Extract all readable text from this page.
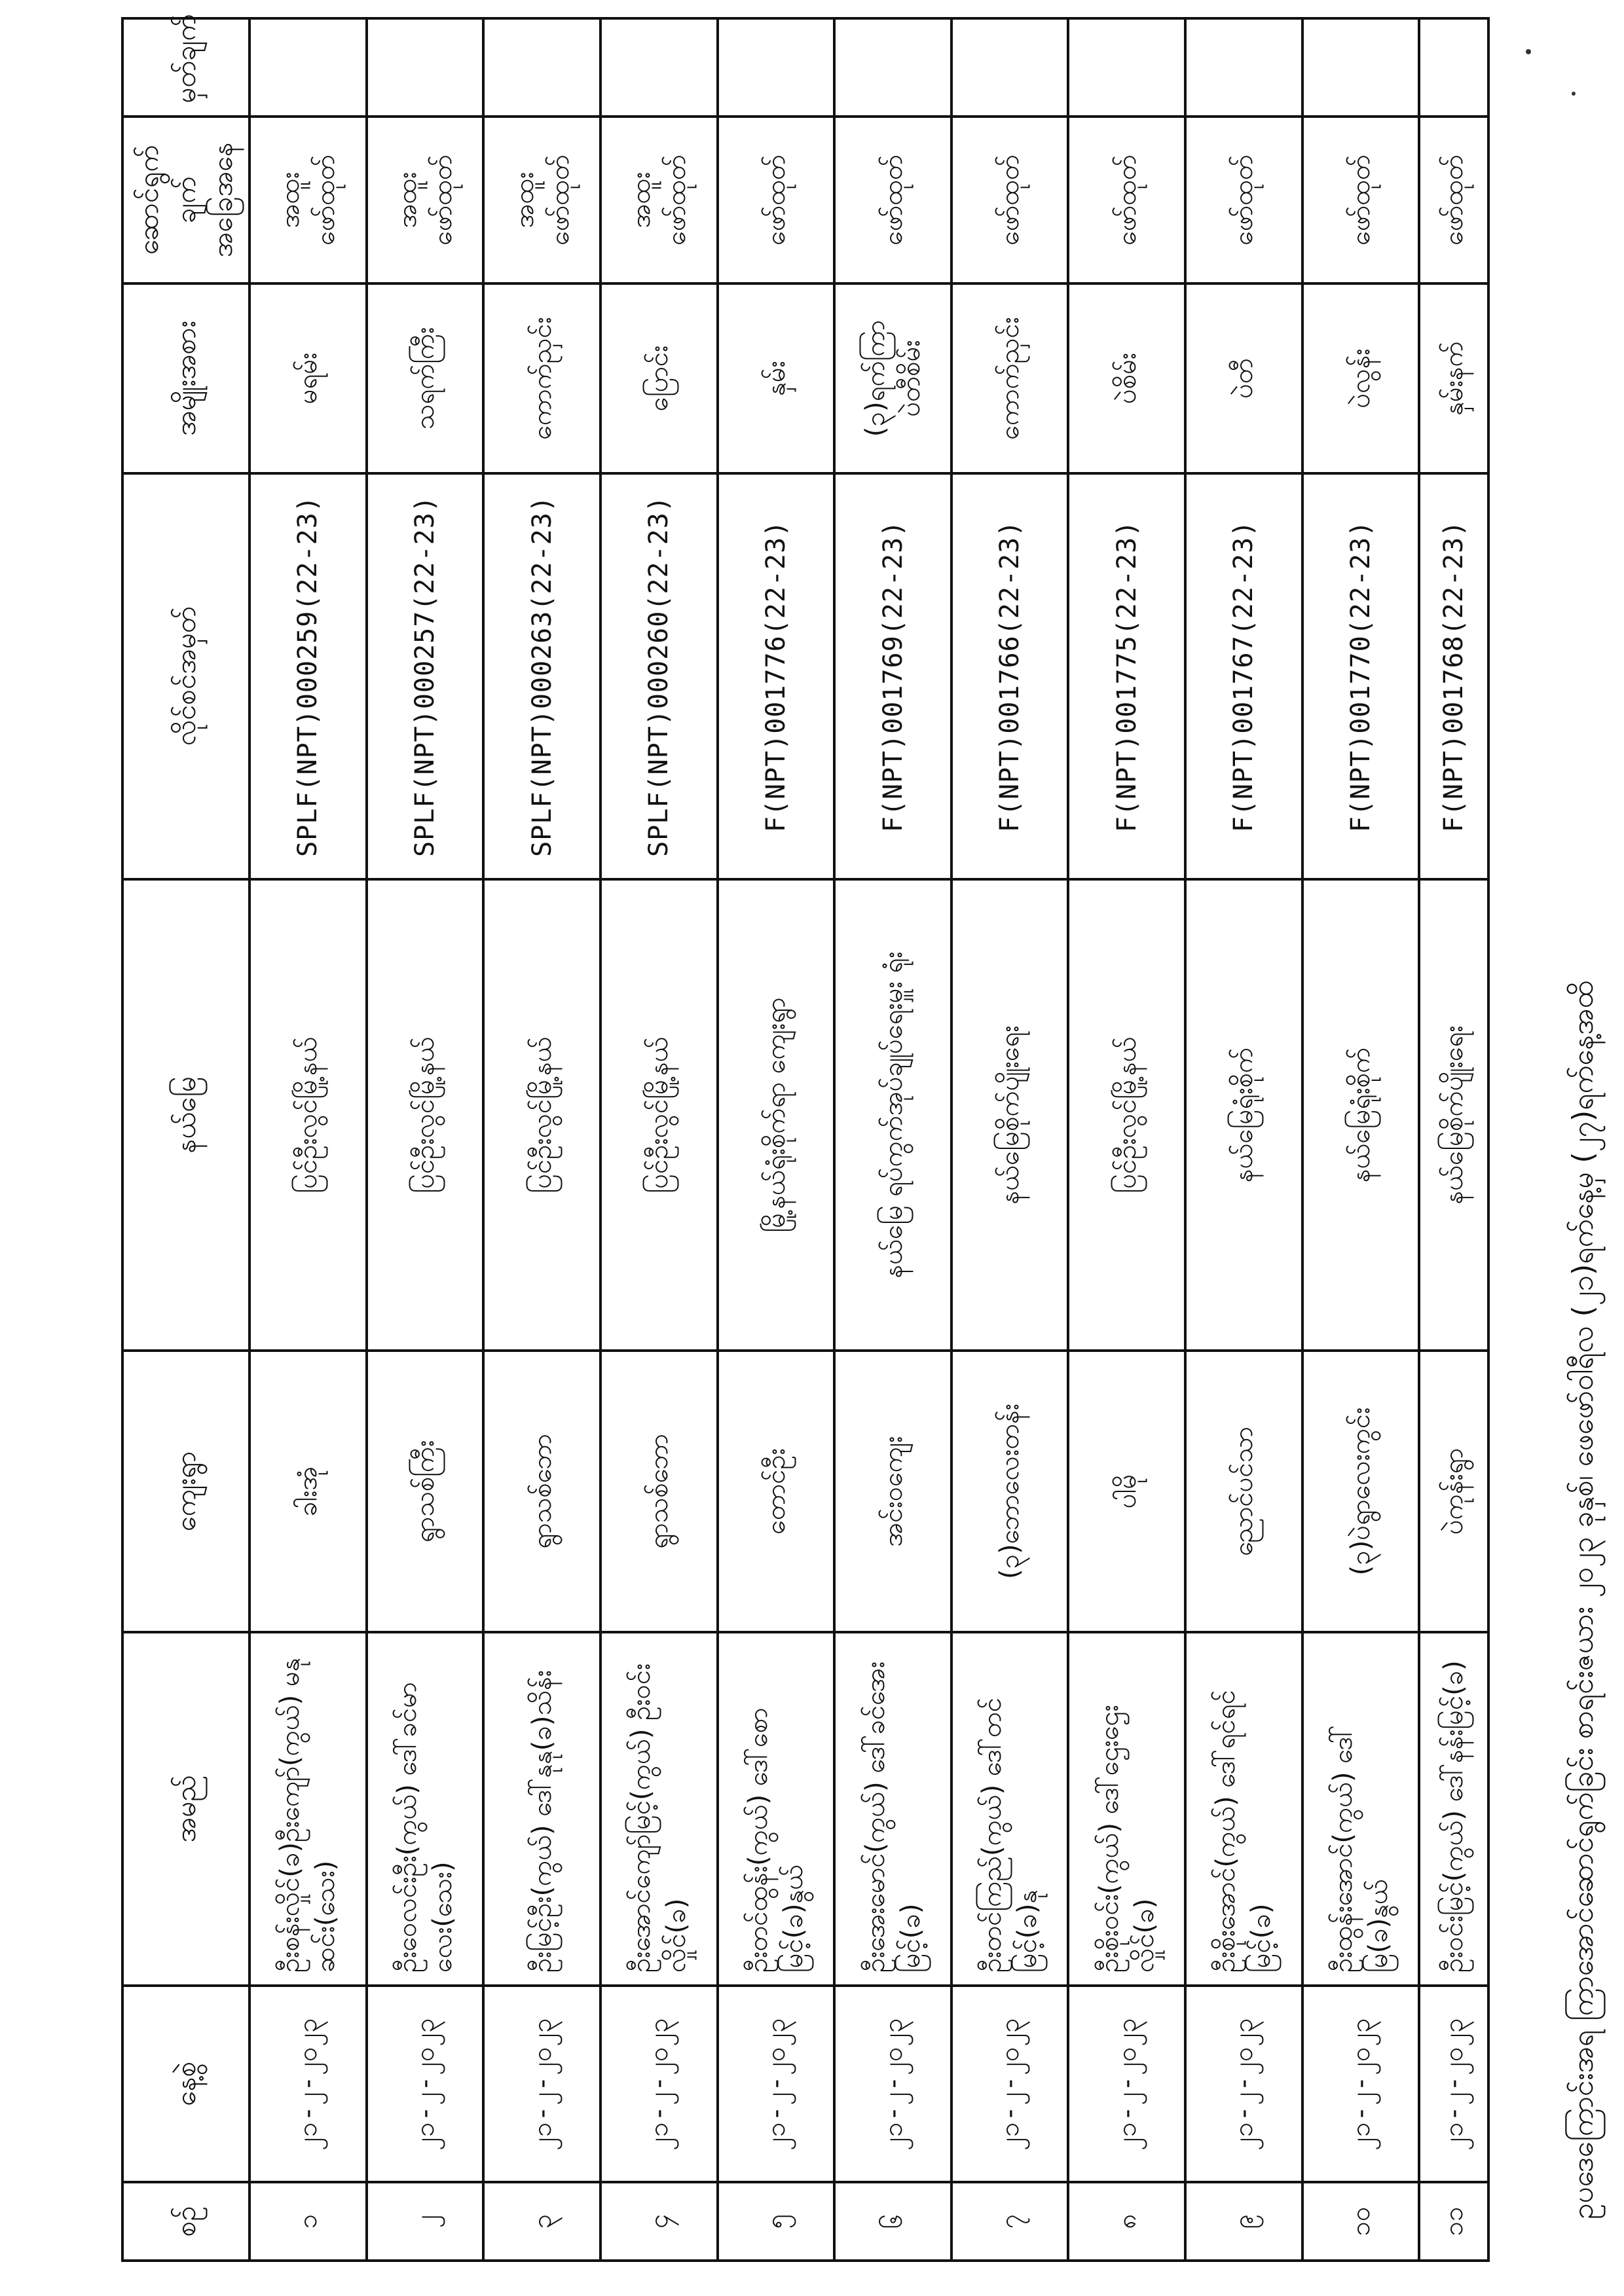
ဥပဒေကြောင်းအရ ကြာအောင်ဆောင်ရွက်ခြင်း စာရင်းဇယား ၂၀၂၃ ခုနှစ်၊ ဖေဖော်ဝါရီလ (၂၁)ရက်နေ့မှ (၂၇)ရက်နေ့အထိ
စဉ်	နေ့စွဲ	အမည်	ကျေးရွာ	နယ်မြေ	လိုင်စင်အမှတ်	အမျိုးအစား	ဆောင်ရွက်ချက် အခြေအနေ	မှတ်ချက်
၁	၂၁-၂-၂၀၂၃	ဦးစန်းလှိုင်(ခ)ဦးကျော်(ကွယ်) မနုဆင်း(သေး)	ခါးအုံ	ပြင်ဦးလွင်မြို့နယ်	SPLF(NPT)000259(22-23)	မရမ်း	အထူး ဖော်ထုတ်	
၂	၂၁-၂-၂၀၂၃	ဦးဝေလင်းဦး(ကွယ်) ဒေါ်ခင်မာလေး(သေး)	ရွာသစ်ကြီး	ပြင်ဦးလွင်မြို့နယ်	SPLF(NPT)000257(22-23)	သရက်ကြီး	အထူး ဖော်ထုတ်	
၃	၂၁-၂-၂၀၂၃	ဦးမြင့်ဦး(ကွယ်) ဒေါ်နုနု(ခ)သိန်း	ရွာသစ်ဘော	ပြင်ဦးလွင်မြို့နယ်	SPLF(NPT)000263(22-23)	ကောက်ညှင်း	အထူး ဖော်ထုတ်	
၄	၂၁-၂-၂၀၂၃	ဦးအောင်ကျော်မြင့်(ကွယ်) ဦးဝင်းလှိုင်(ခ)	ရွာသစ်ဘော	ပြင်ဦးလွင်မြို့နယ်	SPLF(NPT)000260(22-23)	ပြောင်း	အထူး ဖော်ထုတ်	
၅	၂၁-၂-၂၀၂၃	ဦးတင်ထွန်း(ကွယ်) ဒေါ်စောမြင့်(ခ)နွယ်	တောင်ဦး	မြို့နယ်ရုံးစိုက်ရာ ကျေးရွာ	F(NPT)001776(22-23)	နှမ်း	ဖော်ထုတ်	
၆	၂၁-၂-၂၀၂၃	ဦးအေးမောင်(ကွယ်) ဒေါ်ခင်အေးမြင့်(ခ)	အင်းဝကျေး	နယ်မြေ ရပ်ကွက်အုပ်ချုပ်ရေးမှူး ရုံး	F(NPT)001769(22-23)	(၃)ရက်ကြာ ပဲတီစိမ်း	ဖော်ထုတ်	
၇	၂၁-၂-၂၀၂၃	ဦးတင်ကြည်(ကွယ်) ဒေါ်တင်မြင့်(ခ)နု	(၃)ဘောလေးတန်း	နယ်မြေစိုက်ပျိုးရေး	F(NPT)001766(22-23)	ကောက်ညှင်း	ဖော်ထုတ်	
၈	၂၁-၂-၂၀၂၃	ဦးစိုးဝင်း(ကွယ်) ဒေါ်ဌေးဌေးလှိုင်(ခ)	ပါမို	ပြင်ဦးလွင်မြို့နယ်	F(NPT)001775(22-23)	ပဲစိမ်း	ဖော်ထုတ်	
၉	၂၁-၂-၂၀၂၃	ဦးစိုးအောင်(ကွယ်) ဒေါ်ရင်ရင်မြင့်(ခ)	ညောင်ပင်သာ	နယ်မြေရုံးစိုက်	F(NPT)001767(22-23)	ပဲတီ	ဖော်ထုတ်	
၁၀	၂၁-၂-၂၀၂၃	ဦးထွန်းအောင်(ကွယ်) ဒေါ်မြ(ခ)နွယ်	(၃)ပဲရွာလေးကွင်း	နယ်မြေရုံးစိုက်	F(NPT)001770(22-23)	ပဲလွန်း	ဖော်ထုတ်	
၁၁	၂၁-၂-၂၀၂၃	ဦးဝင်းမြင့်(ကွယ်) ဒေါ်နန်းမြင့်(ခ)	ပဲကုန်းရွာ	နယ်မြေစိုက်ပျိုးရေး	F(NPT)001768(22-23)	နှမ်းနက်	ဖော်ထုတ်	
